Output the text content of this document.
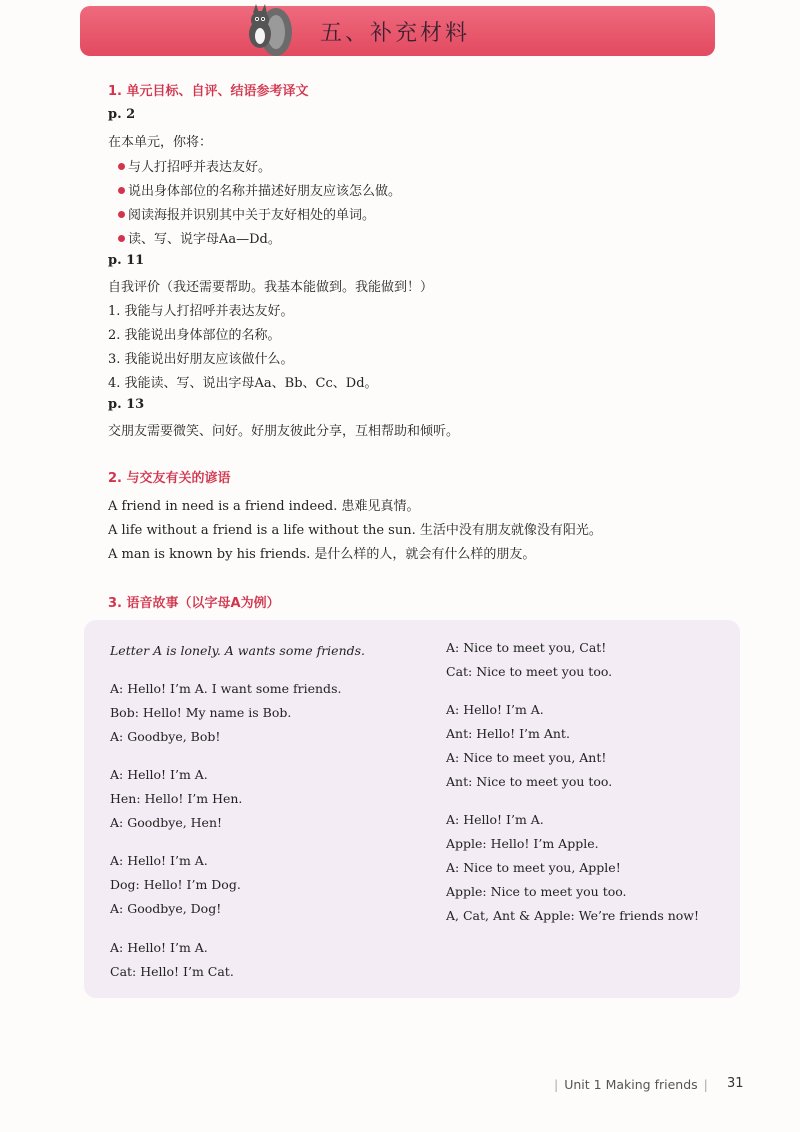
五、补充材料
1. 单元目标、自评、结语参考译文
p. 2
在本单元，你将：
与人打招呼并表达友好。
说出身体部位的名称并描述好朋友应该怎么做。
阅读海报并识别其中关于友好相处的单词。
读、写、说字母Aa—Dd。
p. 11
自我评价（我还需要帮助。我基本能做到。我能做到！）
1. 我能与人打招呼并表达友好。
2. 我能说出身体部位的名称。
3. 我能说出好朋友应该做什么。
4. 我能读、写、说出字母Aa、Bb、Cc、Dd。
p. 13
交朋友需要微笑、问好。好朋友彼此分享，互相帮助和倾听。
2. 与交友有关的谚语
A friend in need is a friend indeed. 患难见真情。
A life without a friend is a life without the sun. 生活中没有朋友就像没有阳光。
A man is known by his friends. 是什么样的人，就会有什么样的朋友。
3. 语音故事（以字母A为例）
Letter A is lonely. A wants some friends.
A: Hello! I’m A. I want some friends.
Bob: Hello! My name is Bob.
A: Goodbye, Bob!
A: Hello! I’m A.
Hen: Hello! I’m Hen.
A: Goodbye, Hen!
A: Hello! I’m A.
Dog: Hello! I’m Dog.
A: Goodbye, Dog!
A: Hello! I’m A.
Cat: Hello! I’m Cat.
A: Nice to meet you, Cat!
Cat: Nice to meet you too.
A: Hello! I’m A.
Ant: Hello! I’m Ant.
A: Nice to meet you, Ant!
Ant: Nice to meet you too.
A: Hello! I’m A.
Apple: Hello! I’m Apple.
A: Nice to meet you, Apple!
Apple: Nice to meet you too.
A, Cat, Ant & Apple: We’re friends now!
| Unit 1 Making friends |	31
